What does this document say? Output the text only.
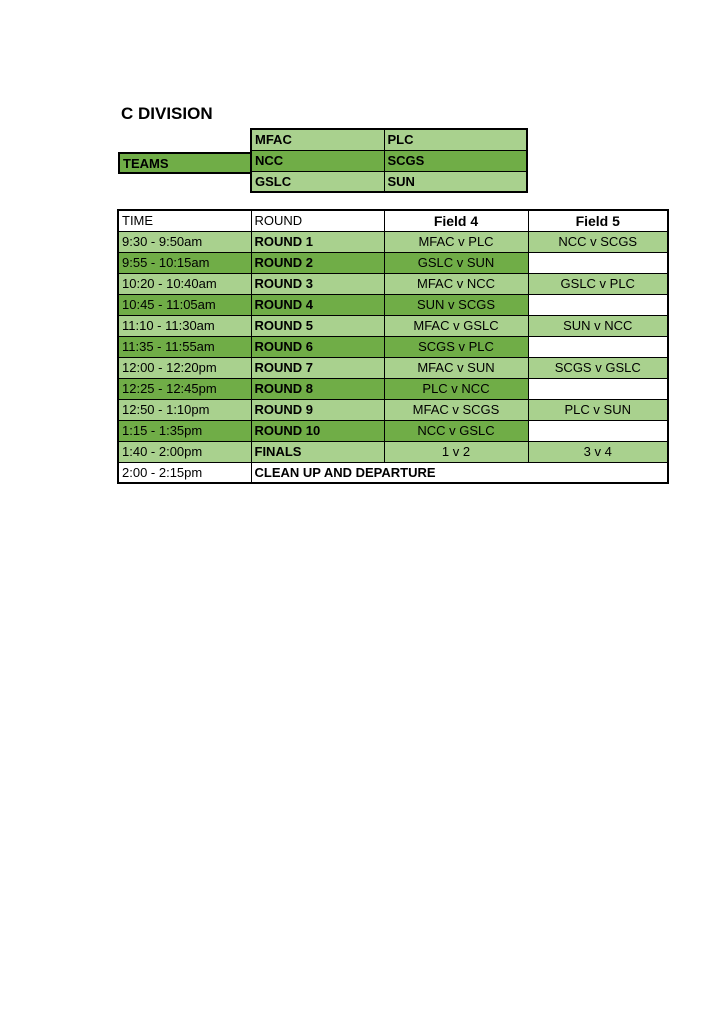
C DIVISION
TEAMS
MFAC	PLC
NCC	SCGS
GSLC	SUN
TIME	ROUND	Field 4	Field 5
9:30 - 9:50am	ROUND 1	MFAC v PLC	NCC v SCGS
9:55 - 10:15am	ROUND 2	GSLC v SUN	
10:20 - 10:40am	ROUND 3	MFAC v NCC	GSLC v PLC
10:45 - 11:05am	ROUND 4	SUN v SCGS	
11:10 - 11:30am	ROUND 5	MFAC v GSLC	SUN v NCC
11:35 - 11:55am	ROUND 6	SCGS v PLC	
12:00 - 12:20pm	ROUND 7	MFAC v SUN	SCGS v GSLC
12:25 - 12:45pm	ROUND 8	PLC v NCC	
12:50 - 1:10pm	ROUND 9	MFAC v SCGS	PLC v SUN
1:15 - 1:35pm	ROUND 10	NCC v GSLC	
1:40 - 2:00pm	FINALS	1 v 2	3 v 4
2:00 - 2:15pm	CLEAN UP AND DEPARTURE		
